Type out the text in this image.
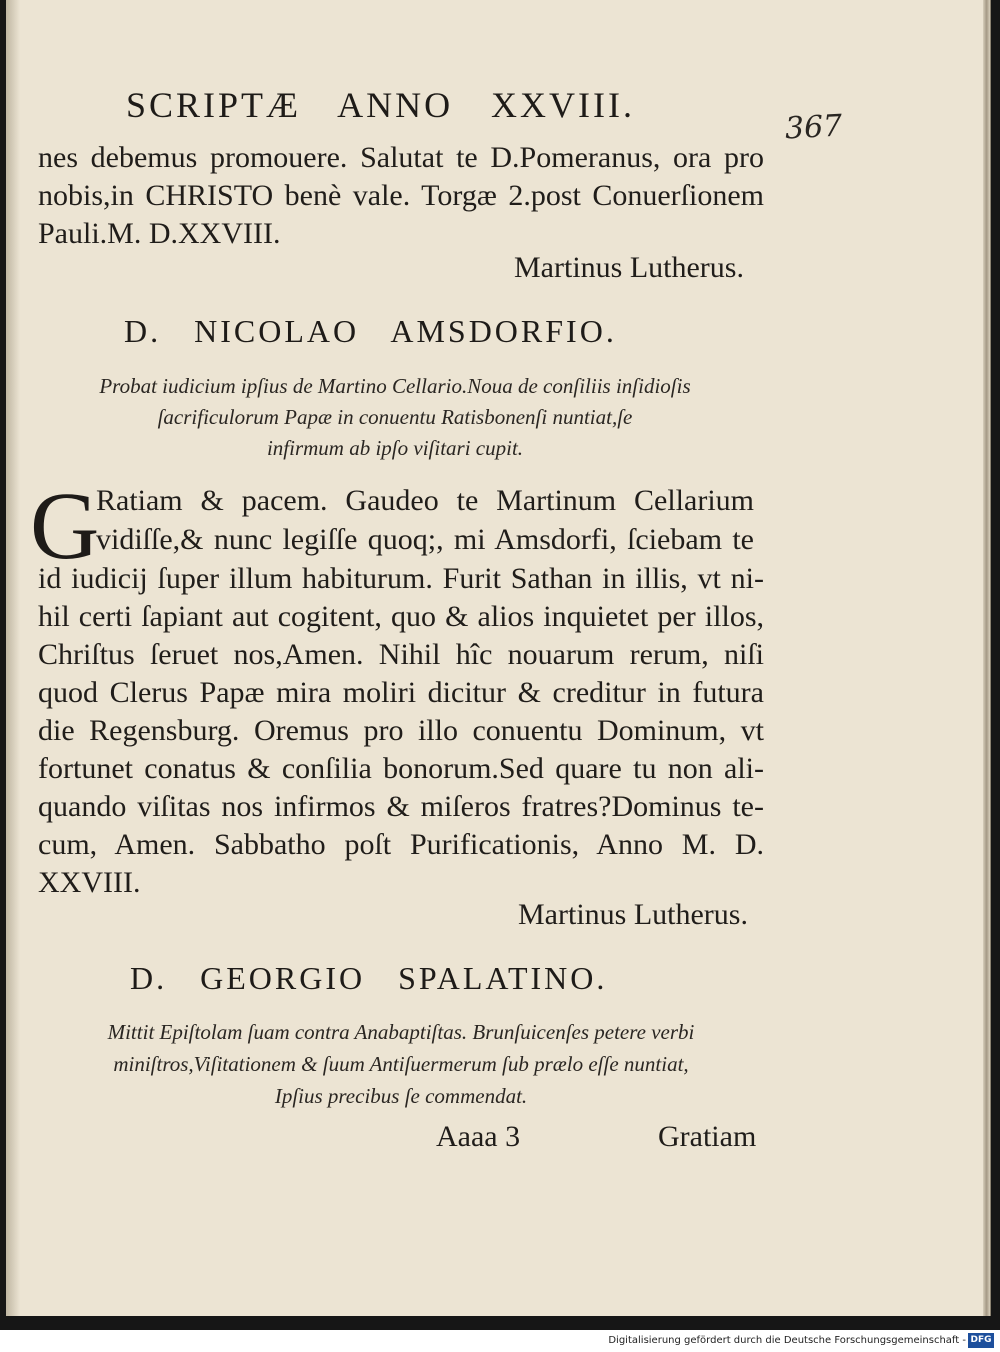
367
SCRIPTÆ ANNO XXVIII.
nes debemus promouere. Salutat te D.Pomeranus, ora pro
nobis,in CHRISTO benè vale. Torgæ 2.post Conuerſionem
Pauli.M. D.XXVIII.
Martinus Lutherus.
D. NICOLAO AMSDORFIO.
Probat iudicium ipſius de Martino Cellario.Noua de conſiliis inſidioſis
ſacrificulorum Papæ in conuentu Ratisbonenſi nuntiat,ſe
infirmum ab ipſo viſitari cupit.
G
Ratiam & pacem. Gaudeo te Martinum Cellarium
vidiſſe,& nunc legiſſe quoq;, mi Amsdorfi, ſciebam te
id iudicij ſuper illum habiturum. Furit Sathan in illis, vt ni-
hil certi ſapiant aut cogitent, quo & alios inquietet per illos,
Chriſtus ſeruet nos,Amen. Nihil hîc nouarum rerum, niſi
quod Clerus Papæ mira moliri dicitur & creditur in futura
die Regensburg. Oremus pro illo conuentu Dominum, vt
fortunet conatus & conſilia bonorum.Sed quare tu non ali-
quando viſitas nos infirmos & miſeros fratres?Dominus te-
cum, Amen. Sabbatho poſt Purificationis, Anno M. D.
XXVIII.
Martinus Lutherus.
D. GEORGIO SPALATINO.
Mittit Epiſtolam ſuam contra Anabaptiſtas. Brunſuicenſes petere verbi
miniſtros,Viſitationem & ſuum Antiſuermerum ſub prælo eſſe nuntiat,
Ipſius precibus ſe commendat.
Aaaa 3	Gratiam
Digitalisierung gefördert durch die Deutsche Forschungsgemeinschaft - DFG
